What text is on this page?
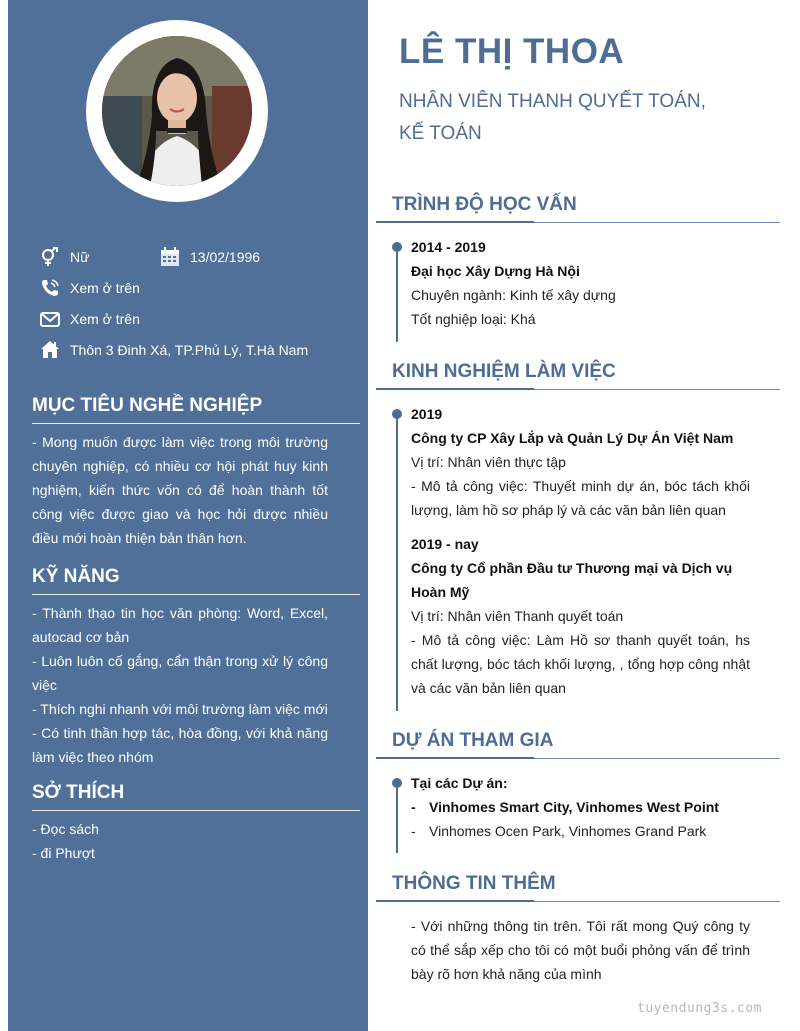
Nữ	13/02/1996
Xem ở trên
Xem ở trên
Thôn 3 Đinh Xá, TP.Phủ Lý, T.Hà Nam
MỤC TIÊU NGHỀ NGHIỆP
- Mong muốn được làm việc trong môi trường chuyên nghiệp, có nhiều cơ hội phát huy kinh nghiệm, kiến thức vốn có để hoàn thành tốt công việc được giao và học hỏi được nhiều điều mới hoàn thiện bản thân hơn.
KỸ NĂNG

- Thành thạo tin học văn phòng: Word, Excel, autocad cơ bản

- Luôn luôn cố gắng, cẩn thận trong xử lý công việc

- Thích nghi nhanh với môi trường làm việc mới

- Có tinh thần hợp tác, hòa đồng, với khả năng làm việc theo nhóm

SỞ THÍCH

- Đọc sách

- đi Phượt

LÊ THỊ THOA
NHÂN VIÊN THANH QUYẾT TOÁN,
KẾ TOÁN
TRÌNH ĐỘ HỌC VẤN

2014 - 2019

Đại học Xây Dựng Hà Nội

Chuyên ngành: Kinh tế xây dựng

Tốt nghiệp loại: Khá

KINH NGHIỆM LÀM VIỆC

2019

Công ty CP Xây Lắp và Quản Lý Dự Án Việt Nam

Vị trí: Nhân viên thực tập

- Mô tả công việc: Thuyết minh dự án, bóc tách khối lượng, làm hồ sơ pháp lý và các văn bản liên quan

2019 - nay

Công ty Cổ phần Đầu tư Thương mại và Dịch vụ Hoàn Mỹ

Vị trí: Nhân viên Thanh quyết toán

- Mô tả công việc: Làm Hồ sơ thanh quyết toán, hs chất lượng, bóc tách khối lượng, , tổng hợp công nhật và các văn bản liên quan

DỰ ÁN THAM GIA

Tại các Dự án:

- Vinhomes Smart City, Vinhomes West Point
- Vinhomes Ocen Park, Vinhomes Grand Park
THÔNG TIN THÊM
- Với những thông tin trên. Tôi rất mong Quý công ty có thể sắp xếp cho tôi có một buổi phỏng vấn để trình bày rõ hơn khả năng của mình
tuyendung3s.com
